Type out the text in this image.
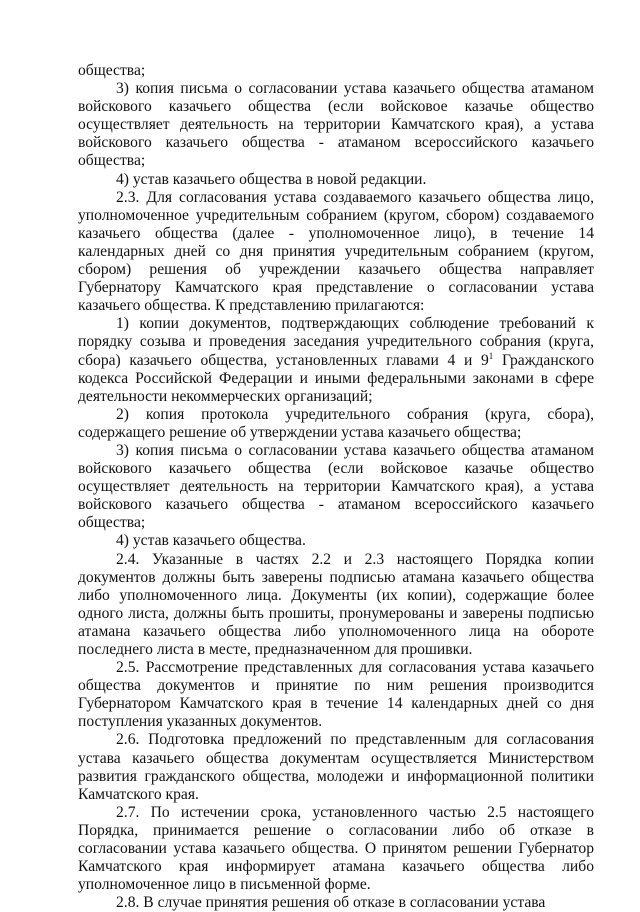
общества;

3) копия письма о согласовании устава казачьего общества атаманом войскового казачьего общества (если войсковое казачье общество осуществляет деятельность на территории Камчатского края), а устава войскового казачьего общества - атаманом всероссийского казачьего общества;

4) устав казачьего общества в новой редакции.

2.3. Для согласования устава создаваемого казачьего общества лицо, уполномоченное учредительным собранием (кругом, сбором) создаваемого казачьего общества (далее - уполномоченное лицо), в течение 14 календарных дней со дня принятия учредительным собранием (кругом, сбором) решения об учреждении казачьего общества направляет Губернатору Камчатского края представление о согласовании устава казачьего общества. К представлению прилагаются:

1) копии документов, подтверждающих соблюдение требований к порядку созыва и проведения заседания учредительного собрания (круга, сбора) казачьего общества, установленных главами 4 и $9^1$ Гражданского кодекса Российской Федерации и иными федеральными законами в сфере деятельности некоммерческих организаций;

2) копия протокола учредительного собрания (круга, сбора), содержащего решение об утверждении устава казачьего общества;

3) копия письма о согласовании устава казачьего общества атаманом войскового казачьего общества (если войсковое казачье общество осуществляет деятельность на территории Камчатского края), а устава войскового казачьего общества - атаманом всероссийского казачьего общества;

4) устав казачьего общества.

2.4. Указанные в частях 2.2 и 2.3 настоящего Порядка копии документов должны быть заверены подписью атамана казачьего общества либо уполномоченного лица. Документы (их копии), содержащие более одного листа, должны быть прошиты, пронумерованы и заверены подписью атамана казачьего общества либо уполномоченного лица на обороте последнего листа в месте, предназначенном для прошивки.

2.5. Рассмотрение представленных для согласования устава казачьего общества документов и принятие по ним решения производится Губернатором Камчатского края в течение 14 календарных дней со дня поступления указанных документов.

2.6. Подготовка предложений по представленным для согласования устава казачьего общества документам осуществляется Министерством развития гражданского общества, молодежи и информационной политики Камчатского края.

2.7. По истечении срока, установленного частью 2.5 настоящего Порядка, принимается решение о согласовании либо об отказе в согласовании устава казачьего общества. О принятом решении Губернатор Камчатского края информирует атамана казачьего общества либо уполномоченное лицо в письменной форме.

2.8. В случае принятия решения об отказе в согласовании устава
